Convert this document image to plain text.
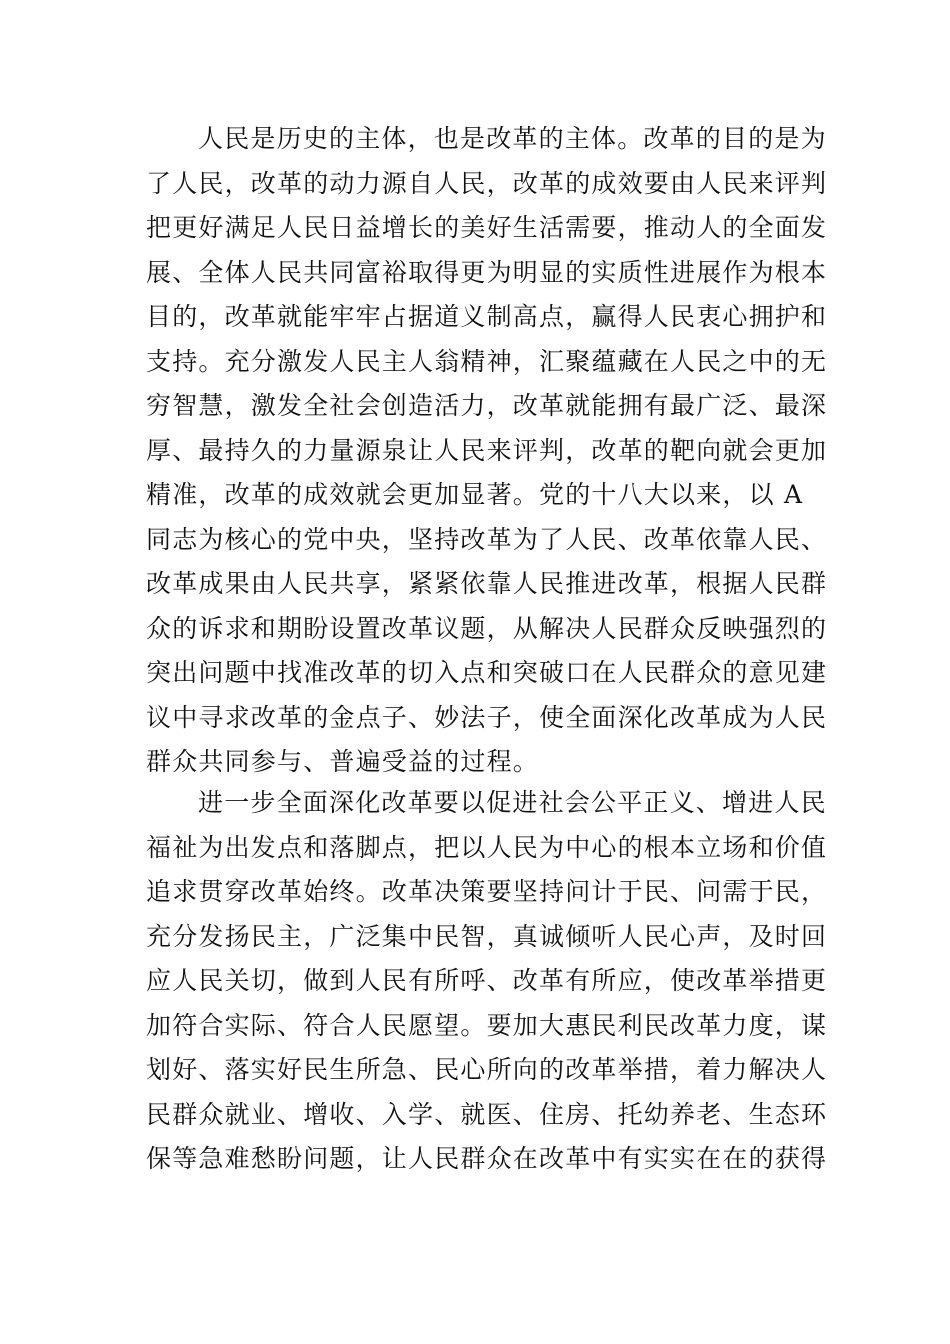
人民是历史的主体，也是改革的主体。改革的目的是为
了人民，改革的动力源自人民，改革的成效要由人民来评判
把更好满足人民日益增长的美好生活需要，推动人的全面发
展、全体人民共同富裕取得更为明显的实质性进展作为根本
目的，改革就能牢牢占据道义制高点，赢得人民衷心拥护和
支持。充分激发人民主人翁精神，汇聚蕴藏在人民之中的无
穷智慧，激发全社会创造活力，改革就能拥有最广泛、最深
厚、最持久的力量源泉让人民来评判，改革的靶向就会更加
精准，改革的成效就会更加显著。党的十八大以来，以 A
同志为核心的党中央，坚持改革为了人民、改革依靠人民、
改革成果由人民共享，紧紧依靠人民推进改革，根据人民群
众的诉求和期盼设置改革议题，从解决人民群众反映强烈的
突出问题中找准改革的切入点和突破口在人民群众的意见建
议中寻求改革的金点子、妙法子，使全面深化改革成为人民
群众共同参与、普遍受益的过程。
进一步全面深化改革要以促进社会公平正义、增进人民
福祉为出发点和落脚点，把以人民为中心的根本立场和价值
追求贯穿改革始终。改革决策要坚持问计于民、问需于民，
充分发扬民主，广泛集中民智，真诚倾听人民心声，及时回
应人民关切，做到人民有所呼、改革有所应，使改革举措更
加符合实际、符合人民愿望。要加大惠民利民改革力度，谋
划好、落实好民生所急、民心所向的改革举措，着力解决人
民群众就业、增收、入学、就医、住房、托幼养老、生态环
保等急难愁盼问题，让人民群众在改革中有实实在在的获得
